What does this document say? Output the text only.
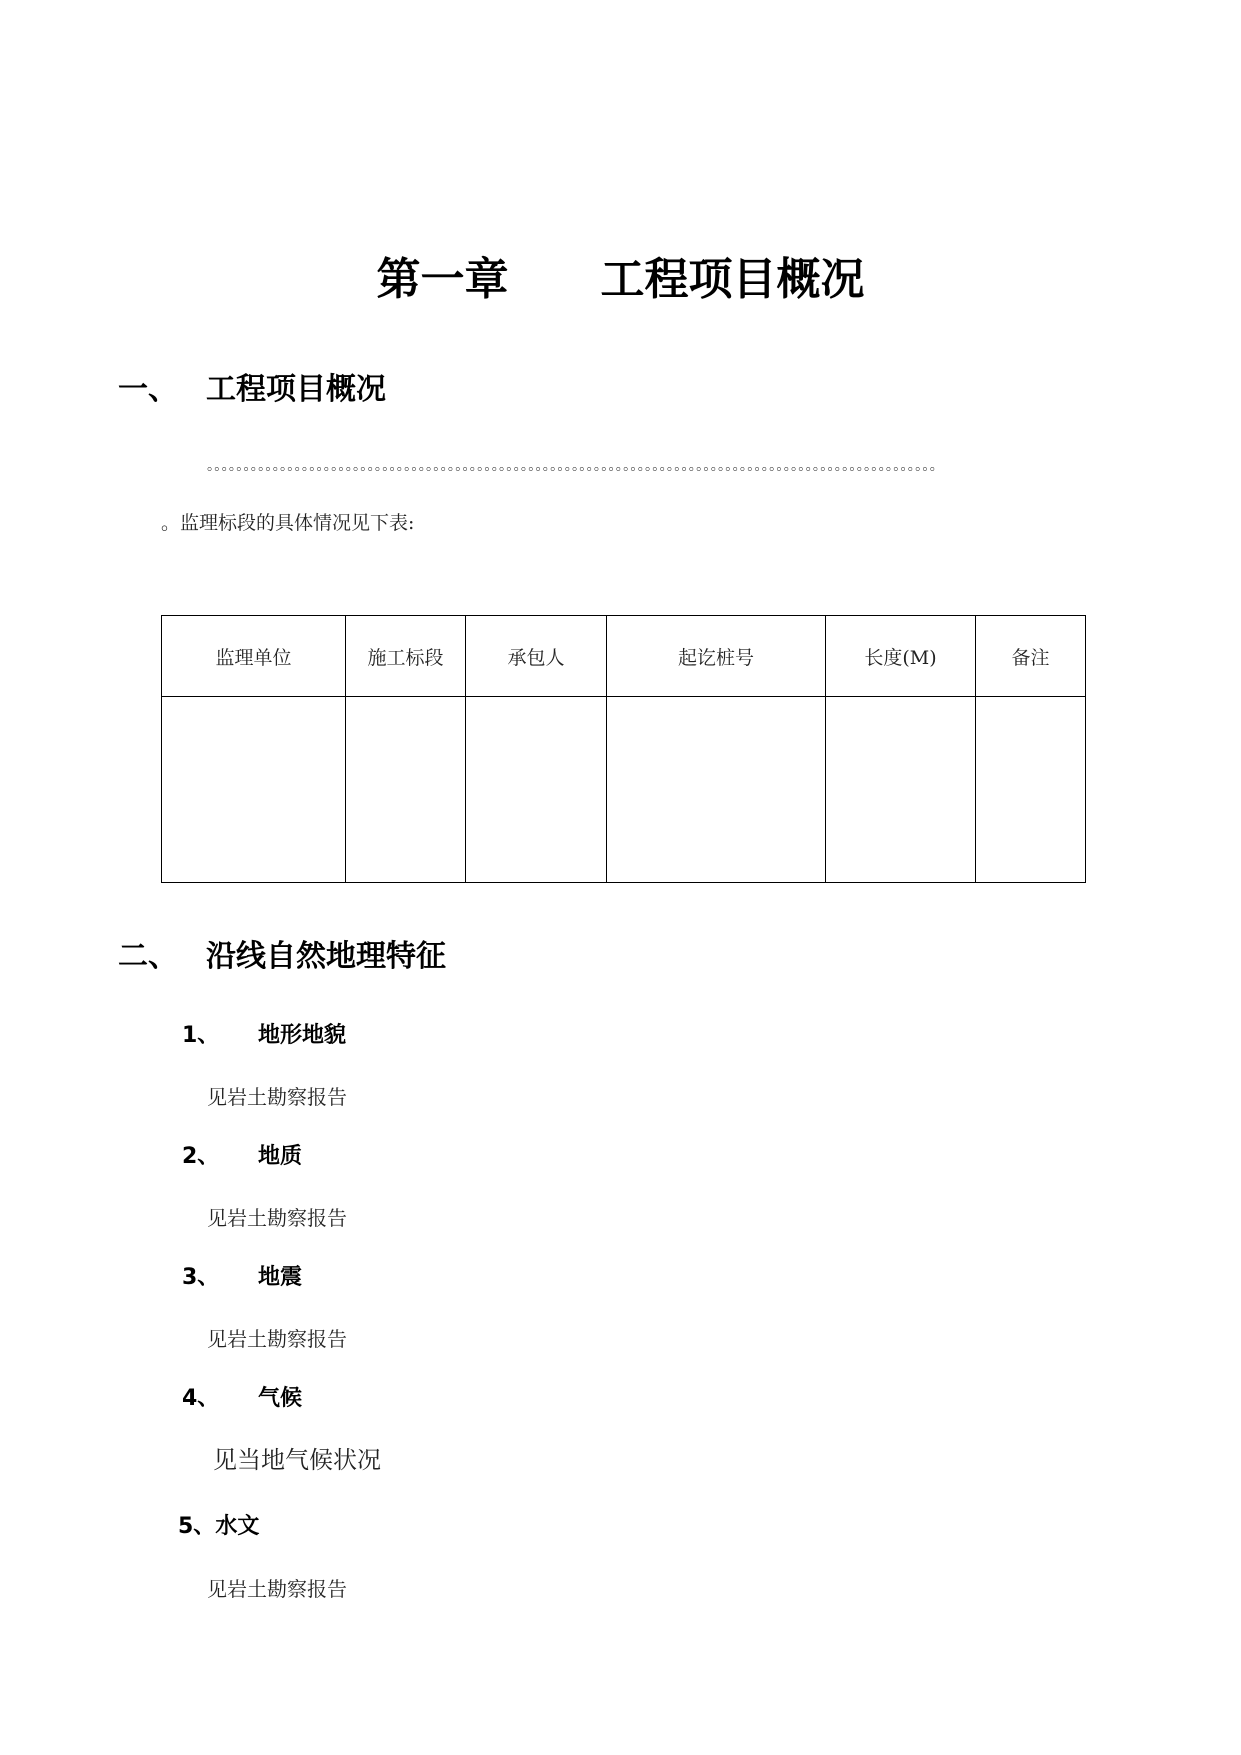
第一章 工程项目概况
一、 工程项目概况
。。。。。。。。。。。。。。。。。。。。。。。。。。。。。。。。。。。。。。。。。。。。。。。。。。。。。。。。。。。。。。。。。。。。。。。。。。。。。。。。。。。。。。。。。。。。。。。。。。。。
。监理标段的具体情况见下表:
监理单位	施工标段	承包人	起讫桩号	长度(M)	备注

二、 沿线自然地理特征
1、 地形地貌
见岩土勘察报告
2、 地质
见岩土勘察报告
3、 地震
见岩土勘察报告
4、 气候
见当地气候状况
5、水文
见岩土勘察报告
